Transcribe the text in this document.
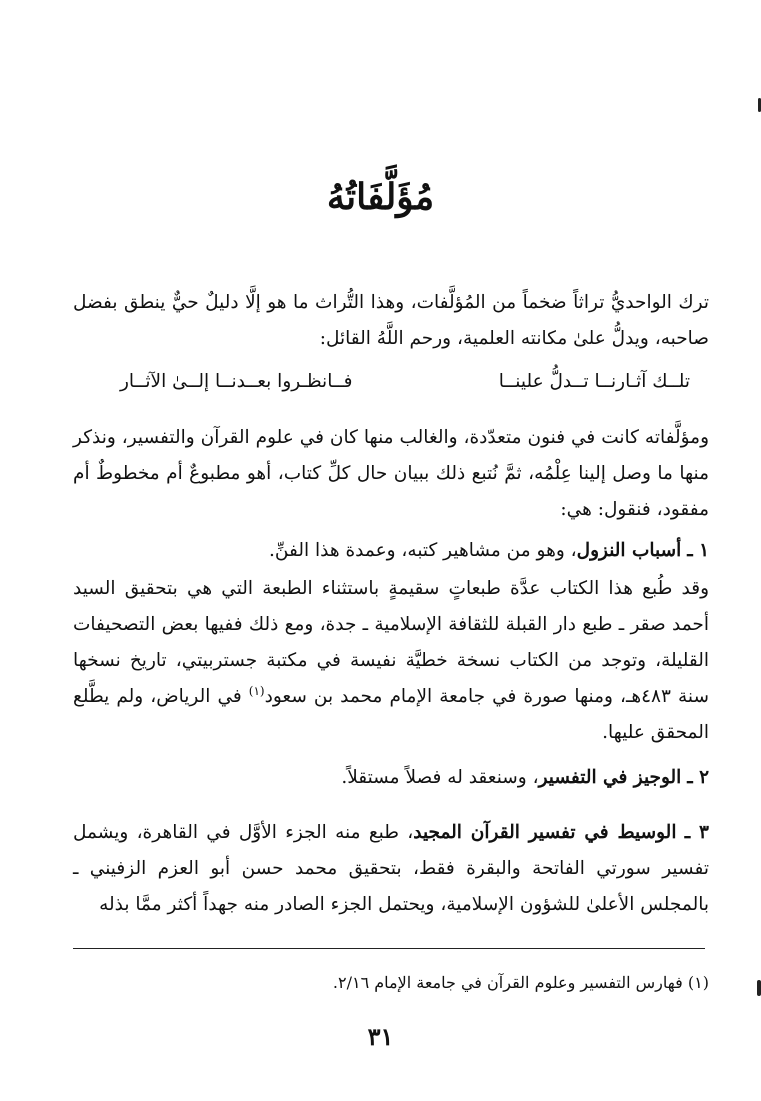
مُؤَلَّفَاتُهُ

ترك الواحديُّ تراثاً ضخماً من المُؤلَّفات، وهذا التُّراث ما هو إلَّا دليلٌ حيٌّ ينطق بفضل صاحبه، ويدلُّ علىٰ مكانته العلمية، ورحم اللَّهُ القائل:

تلــك آثـارنــا تــدلُّ علينــا
فــانظـروا بعــدنــا إلــىٰ الآثــار

ومؤلَّفاته كانت في فنون متعدّدة، والغالب منها كان في علوم القرآن والتفسير، ونذكر منها ما وصل إلينا عِلْمُه، ثمَّ نُتبع ذلك ببيان حال كلِّ كتاب، أهو مطبوعٌ أم مخطوطٌ أم مفقود، فنقول: هي:

١ ـ أسباب النزول، وهو من مشاهير كتبه، وعمدة هذا الفنِّ.

وقد طُبع هذا الكتاب عدَّة طبعاتٍ سقيمةٍ باستثناء الطبعة التي هي بتحقيق السيد أحمد صقر ـ طبع دار القبلة للثقافة الإسلامية ـ جدة، ومع ذلك ففيها بعض التصحيفات القليلة، وتوجد من الكتاب نسخة خطيَّة نفيسة في مكتبة جستربيتي، تاريخ نسخها سنة ٤٨٣هـ، ومنها صورة في جامعة الإمام محمد بن سعود$^{(١)}$ في الرياض، ولم يطَّلع المحقق عليها.

٢ ـ الوجيز في التفسير، وسنعقد له فصلاً مستقلاً.

٣ ـ الوسيط في تفسير القرآن المجيد، طبع منه الجزء الأوَّل في القاهرة، ويشمل تفسير سورتي الفاتحة والبقرة فقط، بتحقيق محمد حسن أبو العزم الزفيني ـ بالمجلس الأعلىٰ للشؤون الإسلامية، ويحتمل الجزء الصادر منه جهداً أكثر ممَّا بذله

(١) فهارس التفسير وعلوم القرآن في جامعة الإمام ٢/١٦.
٣١
